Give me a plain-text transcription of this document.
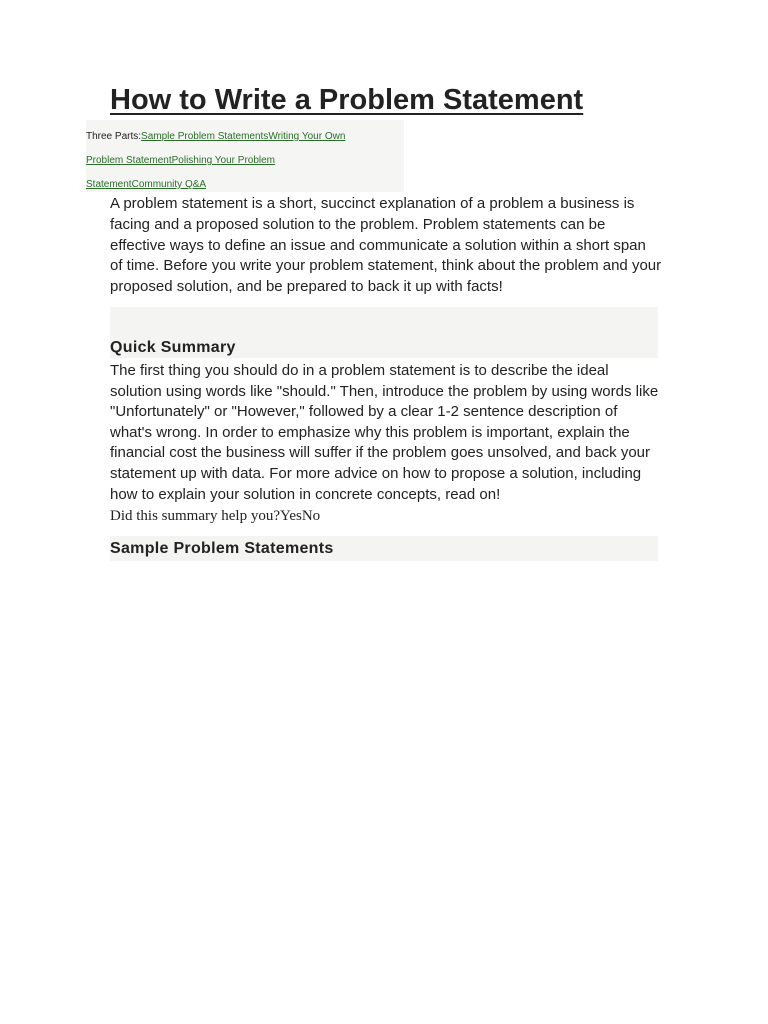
How to Write a Problem Statement
Three Parts:Sample Problem StatementsWriting Your Own
Problem StatementPolishing Your Problem
StatementCommunity Q&A

A problem statement is a short, succinct explanation of a problem a business is facing and a proposed solution to the problem. Problem statements can be effective ways to define an issue and communicate a solution within a short span of time. Before you write your problem statement, think about the problem and your proposed solution, and be prepared to back it up with facts!

Quick Summary

The first thing you should do in a problem statement is to describe the ideal solution using words like "should." Then, introduce the problem by using words like "Unfortunately" or "However," followed by a clear 1-2 sentence description of what's wrong. In order to emphasize why this problem is important, explain the financial cost the business will suffer if the problem goes unsolved, and back your statement up with data. For more advice on how to propose a solution, including how to explain your solution in concrete concepts, read on!

Did this summary help you?YesNo
Sample Problem Statements
